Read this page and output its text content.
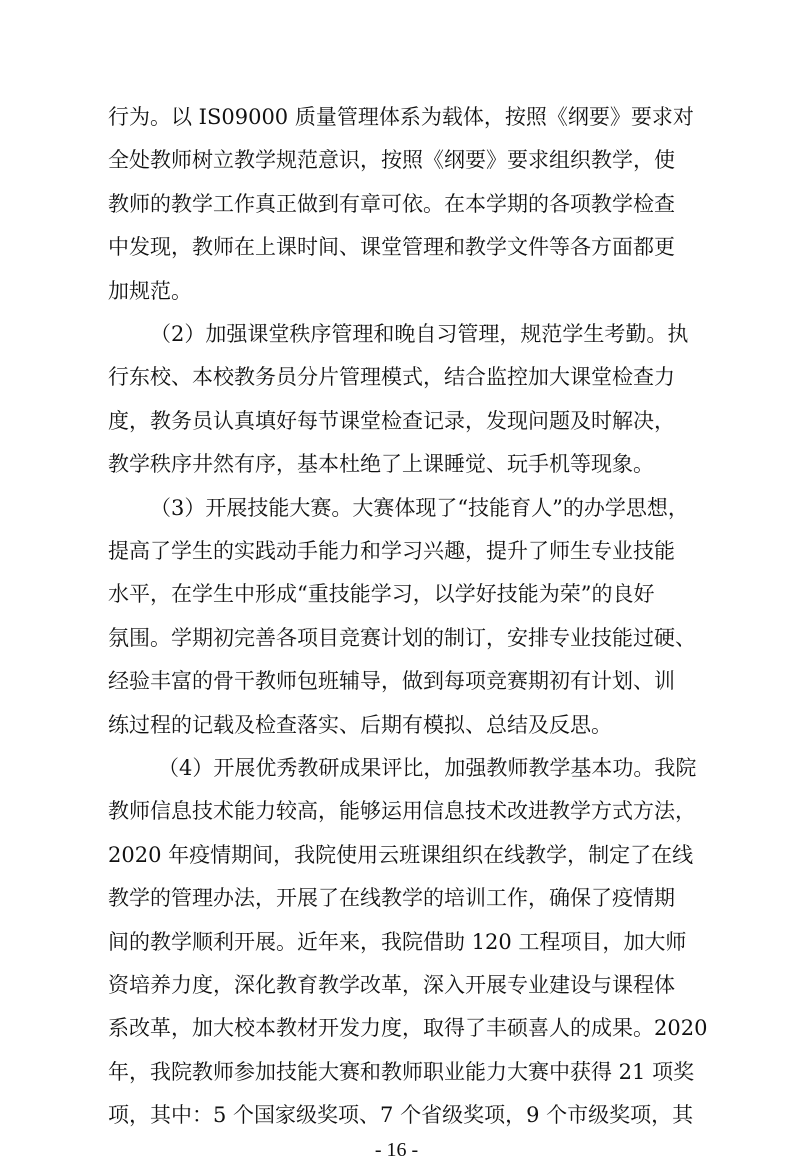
行为。以 IS09000 质量管理体系为载体，按照《纲要》要求对
全处教师树立教学规范意识，按照《纲要》要求组织教学，使
教师的教学工作真正做到有章可依。在本学期的各项教学检查
中发现，教师在上课时间、课堂管理和教学文件等各方面都更
加规范。
（2）加强课堂秩序管理和晚自习管理，规范学生考勤。执
行东校、本校教务员分片管理模式，结合监控加大课堂检查力
度，教务员认真填好每节课堂检查记录，发现问题及时解决，
教学秩序井然有序，基本杜绝了上课睡觉、玩手机等现象。
（3）开展技能大赛。大赛体现了“技能育人”的办学思想，
提高了学生的实践动手能力和学习兴趣，提升了师生专业技能
水平，在学生中形成“重技能学习，以学好技能为荣”的良好
氛围。学期初完善各项目竞赛计划的制订，安排专业技能过硬、
经验丰富的骨干教师包班辅导，做到每项竞赛期初有计划、训
练过程的记载及检查落实、后期有模拟、总结及反思。
（4）开展优秀教研成果评比，加强教师教学基本功。我院
教师信息技术能力较高，能够运用信息技术改进教学方式方法，
2020 年疫情期间，我院使用云班课组织在线教学，制定了在线
教学的管理办法，开展了在线教学的培训工作，确保了疫情期
间的教学顺利开展。近年来，我院借助 120 工程项目，加大师
资培养力度，深化教育教学改革，深入开展专业建设与课程体
系改革，加大校本教材开发力度，取得了丰硕喜人的成果。2020
年，我院教师参加技能大赛和教师职业能力大赛中获得 21 项奖
项，其中：5 个国家级奖项、7 个省级奖项，9 个市级奖项，其
- 16 -
